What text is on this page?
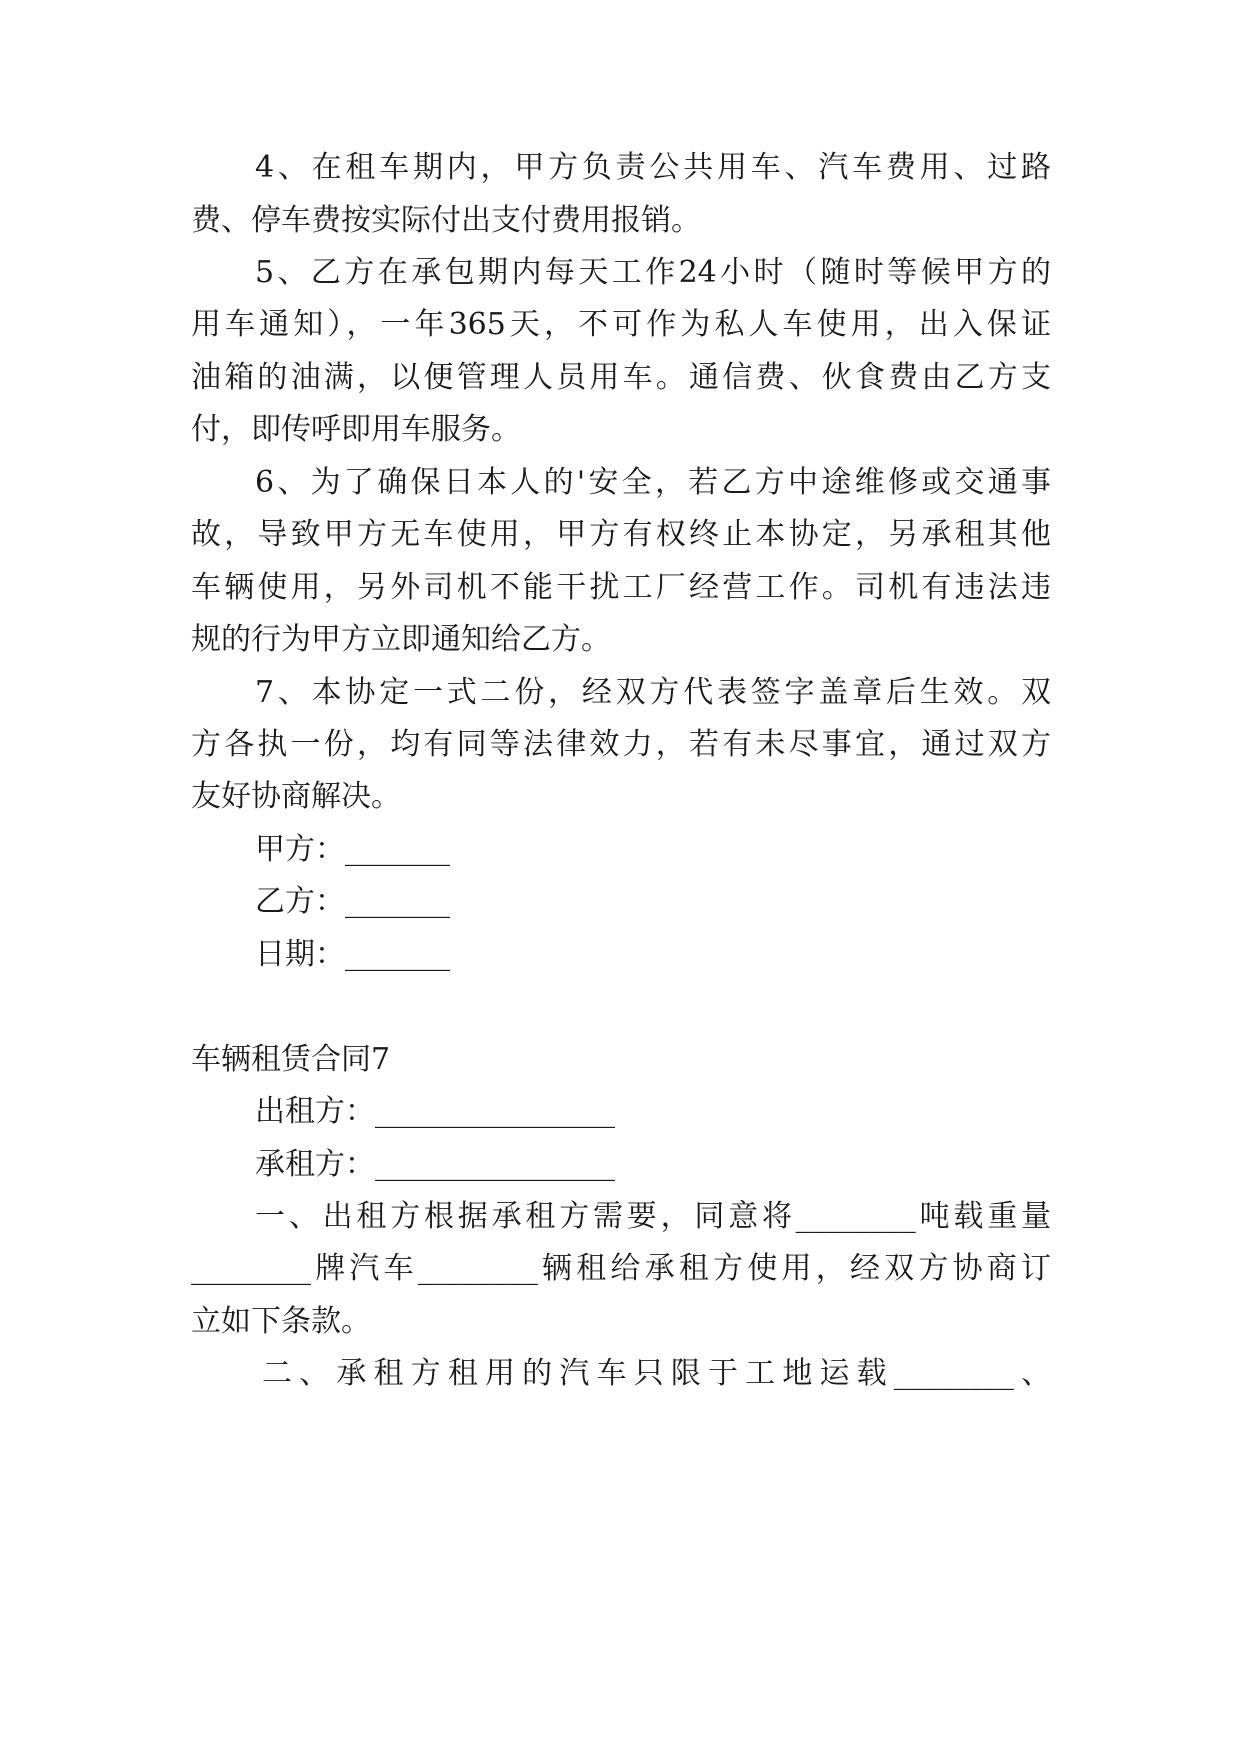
4、在租车期内，甲方负责公共用车、汽车费用、过路
费、停车费按实际付出支付费用报销。
5、乙方在承包期内每天工作24小时（随时等候甲方的
用车通知），一年365天，不可作为私人车使用，出入保证
油箱的油满，以便管理人员用车。通信费、伙食费由乙方支
付，即传呼即用车服务。
6、为了确保日本人的'安全，若乙方中途维修或交通事
故，导致甲方无车使用，甲方有权终止本协定，另承租其他
车辆使用，另外司机不能干扰工厂经营工作。司机有违法违
规的行为甲方立即通知给乙方。
7、本协定一式二份，经双方代表签字盖章后生效。双
方各执一份，均有同等法律效力，若有未尽事宜，通过双方
友好协商解决。
甲方：_______
乙方：_______
日期：_______
车辆租赁合同7
出租方：________________
承租方：________________
一、出租方根据承租方需要，同意将________吨载重量
________牌汽车________辆租给承租方使用，经双方协商订
立如下条款。
二、承租方租用的汽车只限于工地运载________、
